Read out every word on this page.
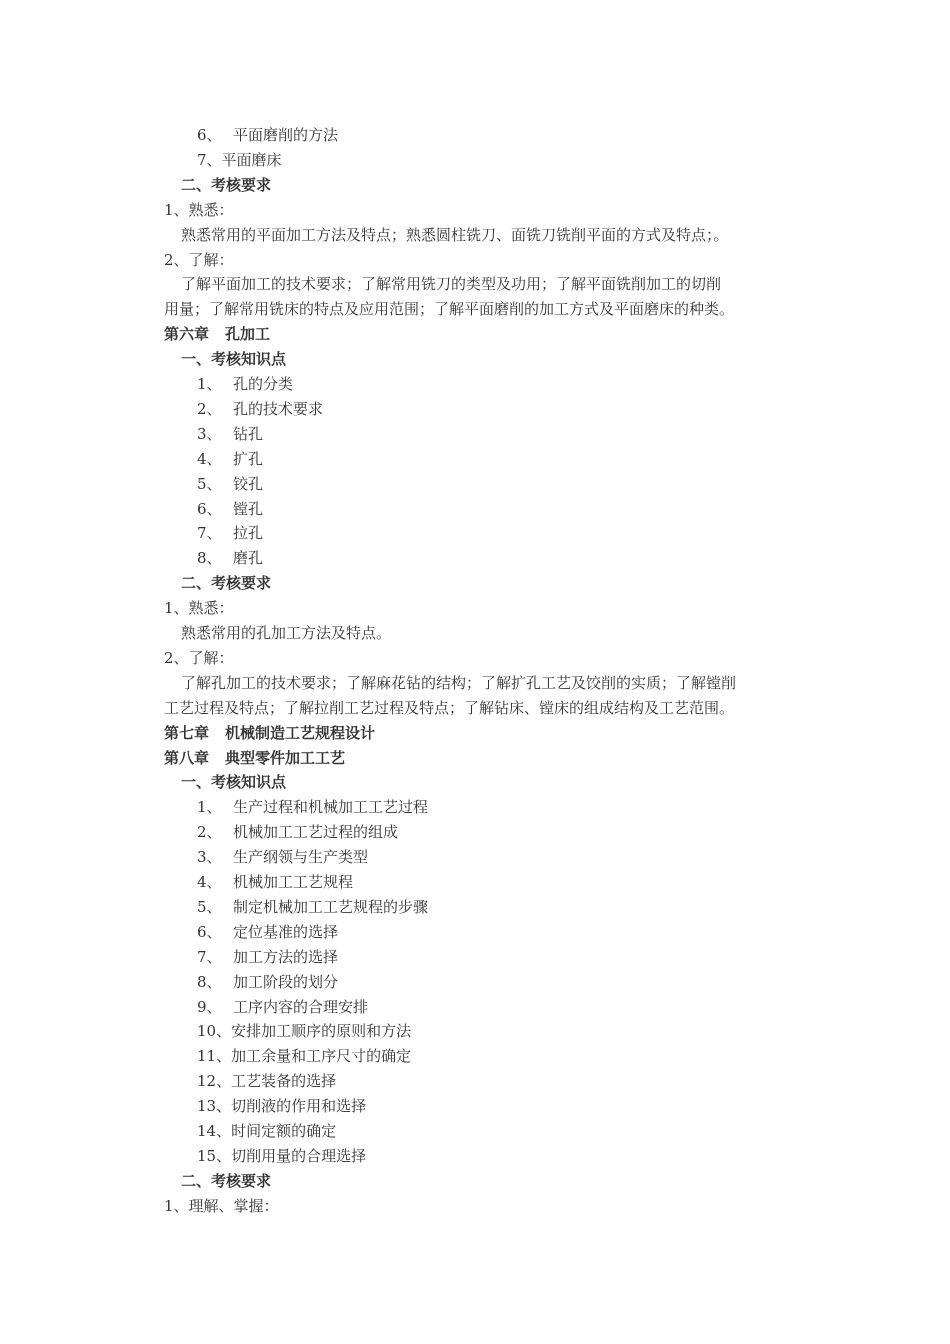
6、 平面磨削的方法
7、平面磨床
二、考核要求
1、熟悉：
熟悉常用的平面加工方法及特点；熟悉圆柱铣刀、面铣刀铣削平面的方式及特点；。
2、了解：
了解平面加工的技术要求；了解常用铣刀的类型及功用；了解平面铣削加工的切削
用量；了解常用铣床的特点及应用范围；了解平面磨削的加工方式及平面磨床的种类。
第六章 孔加工
一、考核知识点
1、 孔的分类
2、 孔的技术要求
3、 钻孔
4、 扩孔
5、 铰孔
6、 镗孔
7、 拉孔
8、 磨孔
二、考核要求
1、熟悉：
熟悉常用的孔加工方法及特点。
2、了解：
了解孔加工的技术要求；了解麻花钻的结构；了解扩孔工艺及饺削的实质；了解镗削
工艺过程及特点；了解拉削工艺过程及特点；了解钻床、镗床的组成结构及工艺范围。
第七章 机械制造工艺规程设计
第八章 典型零件加工工艺
一、考核知识点
1、 生产过程和机械加工工艺过程
2、 机械加工工艺过程的组成
3、 生产纲领与生产类型
4、 机械加工工艺规程
5、 制定机械加工工艺规程的步骤
6、 定位基准的选择
7、 加工方法的选择
8、 加工阶段的划分
9、 工序内容的合理安排
10、安排加工顺序的原则和方法
11、加工余量和工序尺寸的确定
12、工艺装备的选择
13、切削液的作用和选择
14、时间定额的确定
15、切削用量的合理选择
二、考核要求
1、理解、掌握：
